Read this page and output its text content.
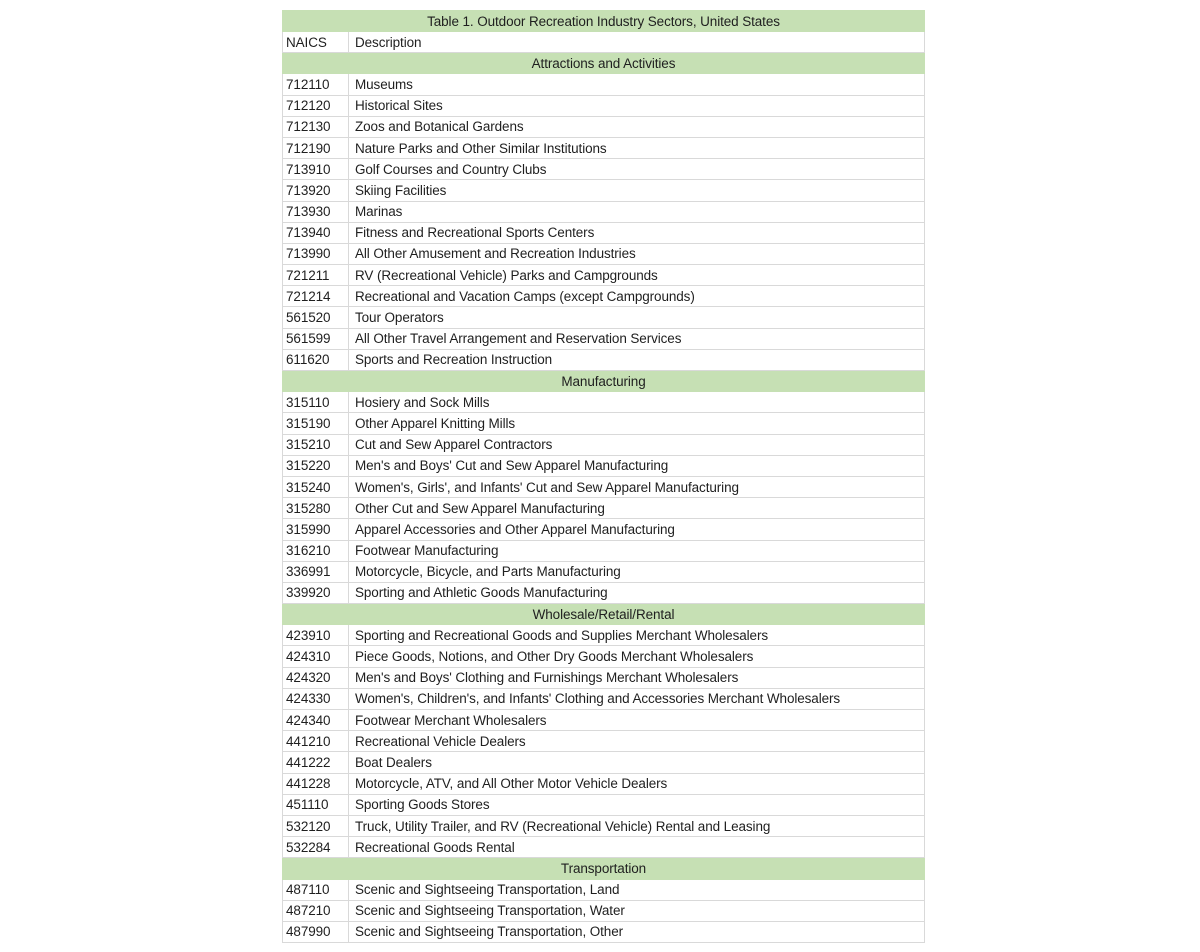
Table 1. Outdoor Recreation Industry Sectors, United States
NAICS	Description
Attractions and Activities
712110	Museums
712120	Historical Sites
712130	Zoos and Botanical Gardens
712190	Nature Parks and Other Similar Institutions
713910	Golf Courses and Country Clubs
713920	Skiing Facilities
713930	Marinas
713940	Fitness and Recreational Sports Centers
713990	All Other Amusement and Recreation Industries
721211	RV (Recreational Vehicle) Parks and Campgrounds
721214	Recreational and Vacation Camps (except Campgrounds)
561520	Tour Operators
561599	All Other Travel Arrangement and Reservation Services
611620	Sports and Recreation Instruction
Manufacturing
315110	Hosiery and Sock Mills
315190	Other Apparel Knitting Mills
315210	Cut and Sew Apparel Contractors
315220	Men's and Boys' Cut and Sew Apparel Manufacturing
315240	Women's, Girls', and Infants' Cut and Sew Apparel Manufacturing
315280	Other Cut and Sew Apparel Manufacturing
315990	Apparel Accessories and Other Apparel Manufacturing
316210	Footwear Manufacturing
336991	Motorcycle, Bicycle, and Parts Manufacturing
339920	Sporting and Athletic Goods Manufacturing
Wholesale/Retail/Rental
423910	Sporting and Recreational Goods and Supplies Merchant Wholesalers
424310	Piece Goods, Notions, and Other Dry Goods Merchant Wholesalers
424320	Men's and Boys' Clothing and Furnishings Merchant Wholesalers
424330	Women's, Children's, and Infants' Clothing and Accessories Merchant Wholesalers
424340	Footwear Merchant Wholesalers
441210	Recreational Vehicle Dealers
441222	Boat Dealers
441228	Motorcycle, ATV, and All Other Motor Vehicle Dealers
451110	Sporting Goods Stores
532120	Truck, Utility Trailer, and RV (Recreational Vehicle) Rental and Leasing
532284	Recreational Goods Rental
Transportation
487110	Scenic and Sightseeing Transportation, Land
487210	Scenic and Sightseeing Transportation, Water
487990	Scenic and Sightseeing Transportation, Other
